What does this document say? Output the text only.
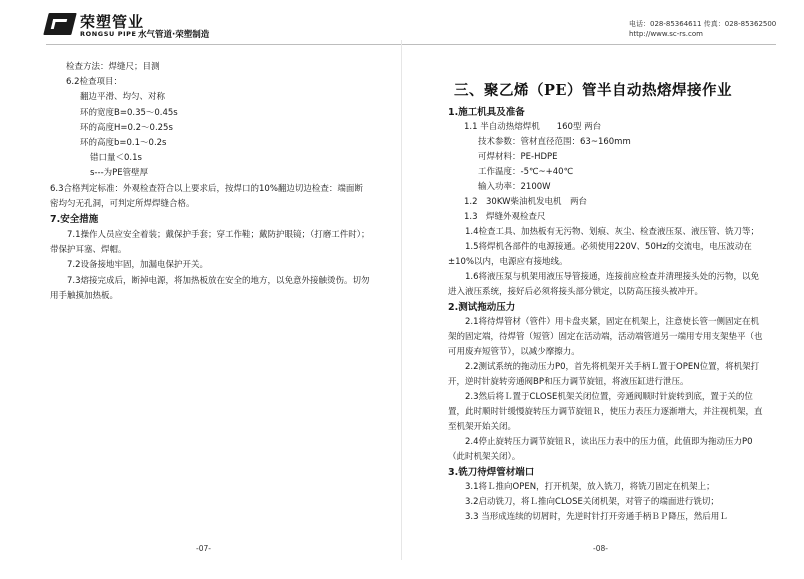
荣塑管业
RONGSU PIPE 水气管道·荣塑制造
电话：028-85364611 传真：028-85362500
http://www.sc-rs.com
检查方法：焊缝尺；目测
6.2检查项目：
翻边平滑、均匀、对称
环的宽度B=0.35～0.45s
环的高度H=0.2～0.25s
环的高度b=0.1～0.2s
错口量＜0.1s
s---为PE管壁厚
6.3合格判定标准：外观检查符合以上要求后，按焊口的10%翻边切边检查：端面断密均匀无孔洞，可判定所焊焊缝合格。
7.安全措施
7.1操作人员应安全着装；戴保护手套；穿工作鞋；戴防护眼镜；（打磨工件时）；带保护耳塞、焊帽。
7.2设备接地牢固，加漏电保护开关。
7.3熔接完成后，断掉电源，将加热板放在安全的地方，以免意外接触烫伤。切勿用手触摸加热板。
三、聚乙烯（PE）管半自动热熔焊接作业
1.施工机具及准备
1.1 半自动热熔焊机　　160型 两台
技术参数：管材直径范围：63~160mm
可焊材料：PE-HDPE
工作温度：-5℃~+40℃
输入功率：2100W
1.2　30KW柴油机发电机　两台
1.3　焊缝外观检查尺
1.4检查工具、加热板有无污物、划痕、灰尘、检查液压泵、液压管、铣刀等；
1.5将焊机各部件的电源接通。必须使用220V、50Hz的交流电，电压波动在±10%以内，电源应有接地线。
1.6将液压泵与机架用液压导管接通，连接前应检查并清理接头处的污物，以免进入液压系统，接好后必须将接头部分锁定，以防高压接头被冲开。
2.测试拖动压力
2.1将待焊管材（管件）用卡盘夹紧，固定在机架上，注意使长管一侧固定在机架的固定端，待焊管（短管）固定在活动端，活动端管道另一端用专用支架垫平（也可用废弃短管节），以减少摩擦力。
2.2测试系统的拖动压力P0，首先将机架开关手柄Ｌ置于OPEN位置，将机架打开，逆时针旋转旁通阀BP和压力调节旋钮，将液压缸进行泄压。
2.3然后将Ｌ置于CLOSE机架关闭位置，旁通阀顺时针旋转到底，置于关的位置，此时顺时针缓慢旋转压力调节旋钮Ｒ，使压力表压力逐渐增大，并注视机架，直至机架开始关闭。
2.4停止旋转压力调节旋钮Ｒ，读出压力表中的压力值，此值即为拖动压力P0（此时机架关闭）。
3.铣刀待焊管材端口
3.1将Ｌ推向OPEN，打开机架，放入铣刀，将铣刀固定在机架上；
3.2启动铣刀，将Ｌ推向CLOSE关闭机架，对管子的端面进行铣切；
3.3 当形成连续的切屑时，先逆时针打开旁通手柄ＢＰ降压，然后用Ｌ
-07-	-08-
